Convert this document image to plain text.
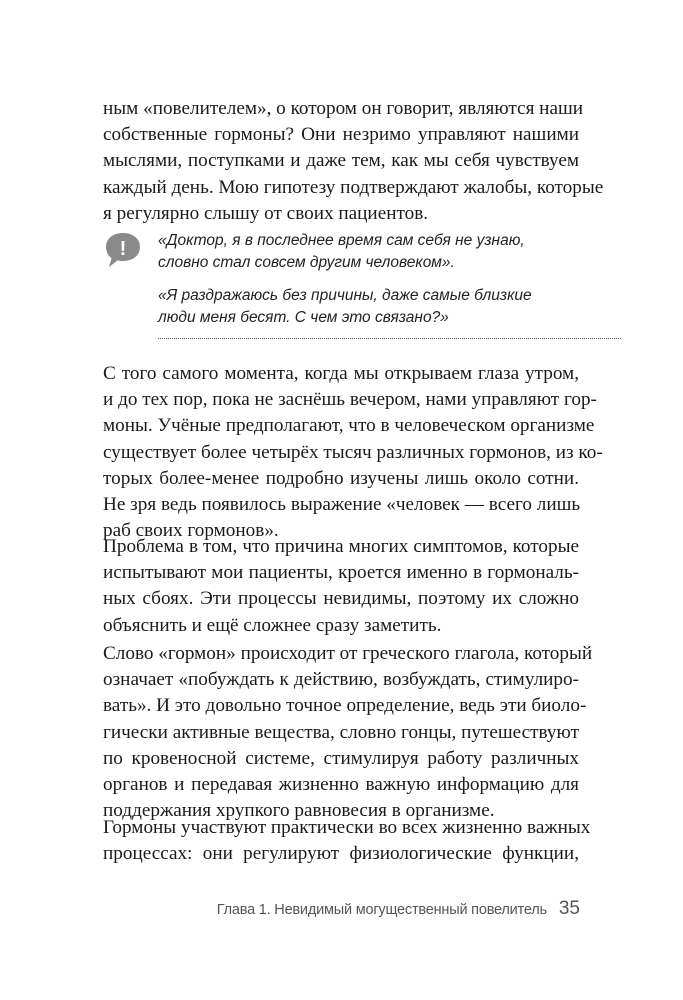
ным «повелителем», о котором он говорит, являются наши
собственные гормоны? Они незримо управляют нашими
мыслями, поступками и даже тем, как мы себя чувствуем
каждый день. Мою гипотезу подтверждают жалобы, которые
я регулярно слышу от своих пациентов.

! «Доктор, я в последнее время сам себя не узнаю,
словно стал совсем другим человеком».
«Я раздражаюсь без причины, даже самые близкие
люди меня бесят. С чем это связано?»

С того самого момента, когда мы открываем глаза утром,
и до тех пор, пока не заснёшь вечером, нами управляют гор-
моны. Учёные предполагают, что в человеческом организме
существует более четырёх тысяч различных гормонов, из ко-
торых более-менее подробно изучены лишь около сотни.
Не зря ведь появилось выражение «человек — всего лишь
раб своих гормонов».

Проблема в том, что причина многих симптомов, которые
испытывают мои пациенты, кроется именно в гормональ-
ных сбоях. Эти процессы невидимы, поэтому их сложно
объяснить и ещё сложнее сразу заметить.

Слово «гормон» происходит от греческого глагола, который
означает «побуждать к действию, возбуждать, стимулиро-
вать». И это довольно точное определение, ведь эти биоло-
гически активные вещества, словно гонцы, путешествуют
по кровеносной системе, стимулируя работу различных
органов и передавая жизненно важную информацию для
поддержания хрупкого равновесия в организме.

Гормоны участвуют практически во всех жизненно важных
процессах: они регулируют физиологические функции,

Глава 1. Невидимый могущественный повелитель 35
